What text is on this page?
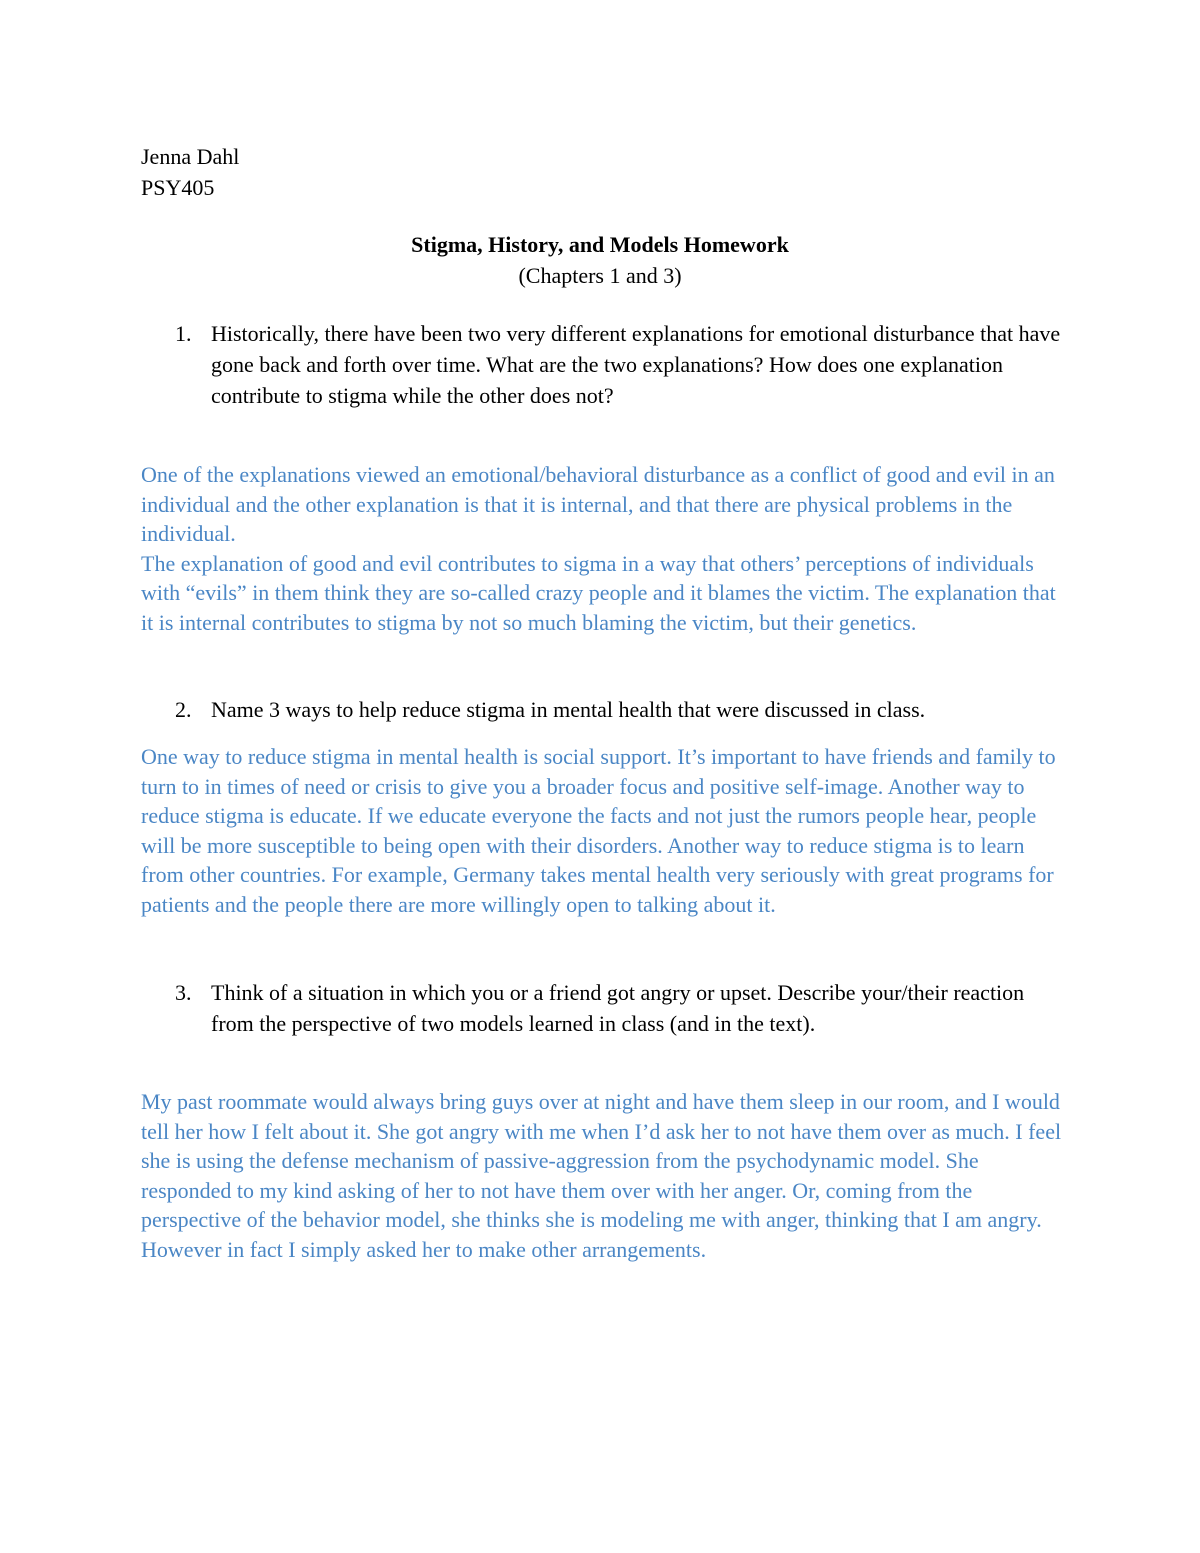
Jenna Dahl

PSY405

Stigma, History, and Models Homework

(Chapters 1 and 3)

1. Historically, there have been two very different explanations for emotional disturbance that have gone back and forth over time. What are the two explanations? How does one explanation contribute to stigma while the other does not?

One of the explanations viewed an emotional/behavioral disturbance as a conflict of good and evil in an individual and the other explanation is that it is internal, and that there are physical problems in the individual.

The explanation of good and evil contributes to sigma in a way that others’ perceptions of individuals with “evils” in them think they are so-called crazy people and it blames the victim. The explanation that it is internal contributes to stigma by not so much blaming the victim, but their genetics.

2. Name 3 ways to help reduce stigma in mental health that were discussed in class.

One way to reduce stigma in mental health is social support. It’s important to have friends and family to turn to in times of need or crisis to give you a broader focus and positive self-image. Another way to reduce stigma is educate. If we educate everyone the facts and not just the rumors people hear, people will be more susceptible to being open with their disorders. Another way to reduce stigma is to learn from other countries. For example, Germany takes mental health very seriously with great programs for patients and the people there are more willingly open to talking about it.

3. Think of a situation in which you or a friend got angry or upset. Describe your/their reaction from the perspective of two models learned in class (and in the text).

My past roommate would always bring guys over at night and have them sleep in our room, and I would tell her how I felt about it. She got angry with me when I’d ask her to not have them over as much. I feel she is using the defense mechanism of passive-aggression from the psychodynamic model. She responded to my kind asking of her to not have them over with her anger. Or, coming from the perspective of the behavior model, she thinks she is modeling me with anger, thinking that I am angry. However in fact I simply asked her to make other arrangements.
